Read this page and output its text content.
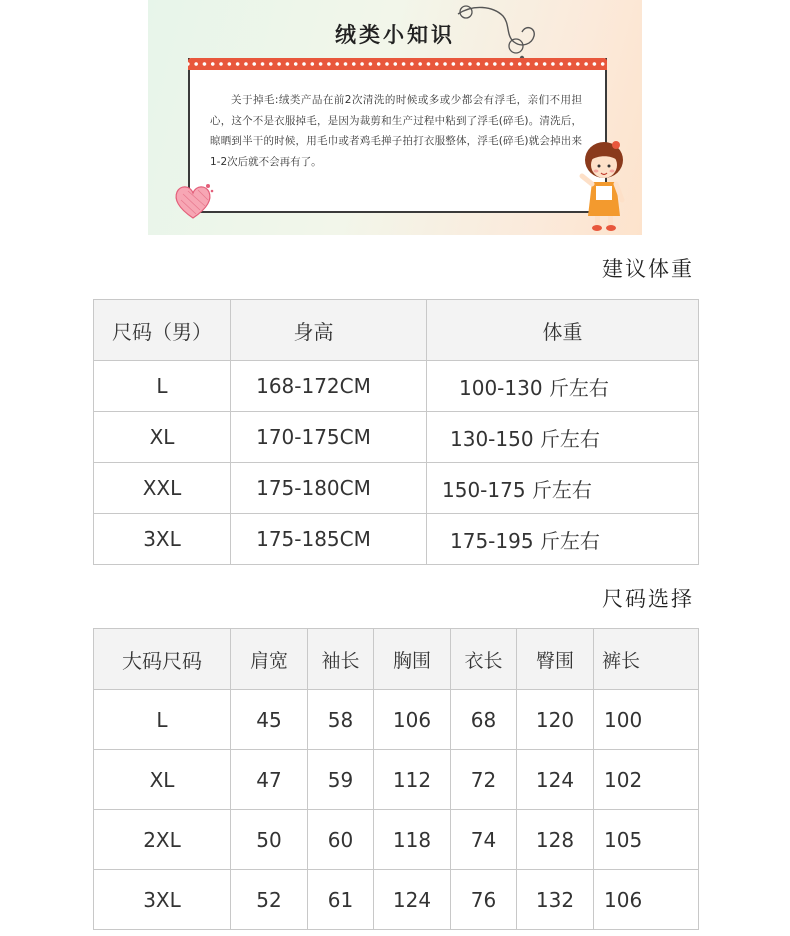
绒类小知识
关于掉毛:绒类产品在前2次清洗的时候或多或少都会有浮毛，亲们不用担心，这个不是衣服掉毛，是因为裁剪和生产过程中粘到了浮毛(碎毛)。清洗后，晾晒到半干的时候，用毛巾或者鸡毛掸子拍打衣服整体，浮毛(碎毛)就会掉出来1-2次后就不会再有了。
建议体重
尺码（男）	身高	体重
L	168-172CM	100-130 斤左右
XL	170-175CM	130-150 斤左右
XXL	175-180CM	150-175 斤左右
3XL	175-185CM	175-195 斤左右
尺码选择
大码尺码	肩宽	袖长	胸围	衣长	臀围	裤长
L	45	58	106	68	120	100
XL	47	59	112	72	124	102
2XL	50	60	118	74	128	105
3XL	52	61	124	76	132	106
